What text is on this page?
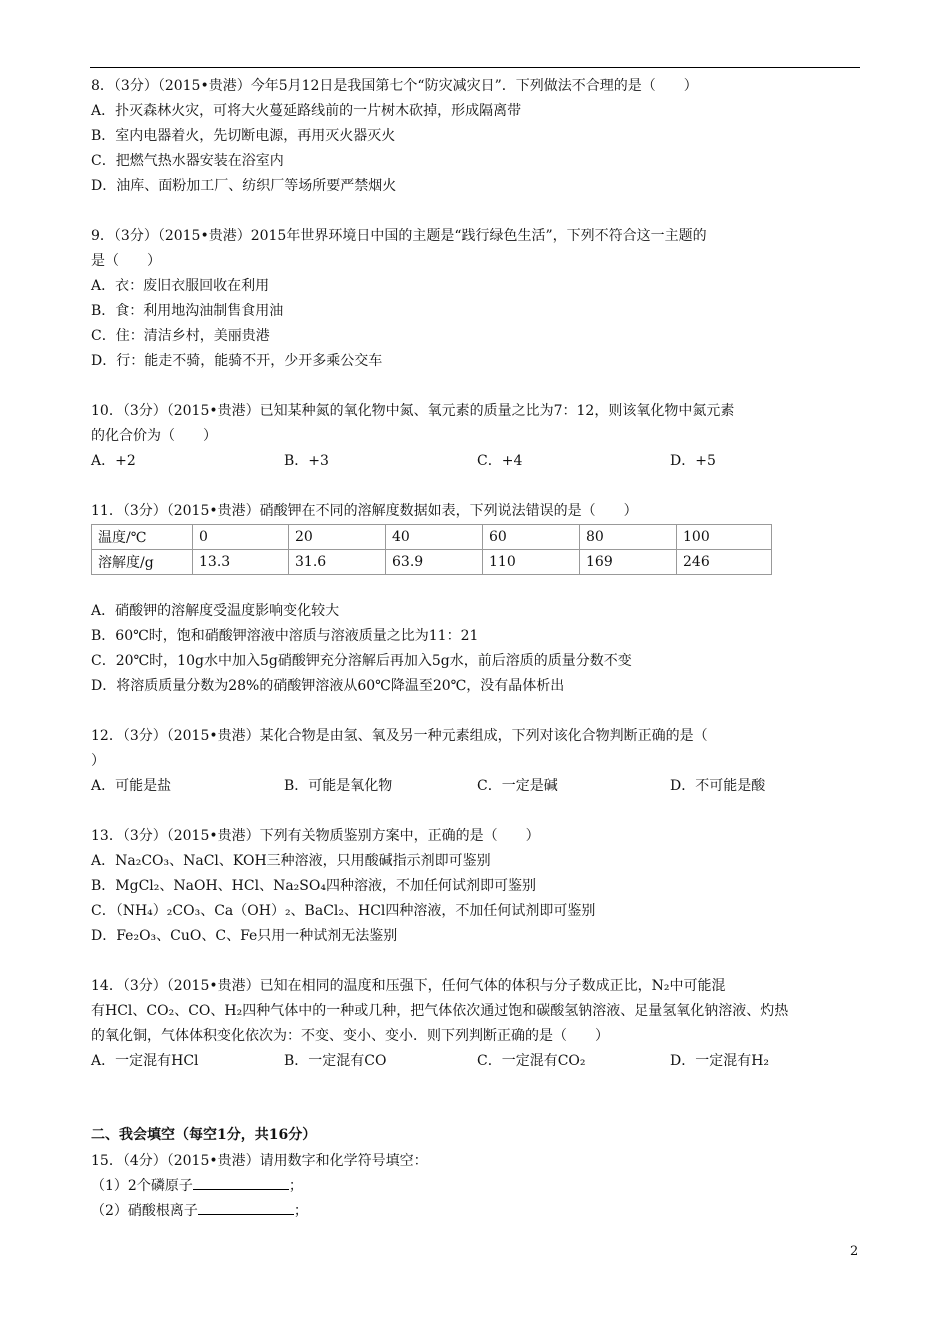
8．（3分）（2015•贵港）今年5月12日是我国第七个“防灾减灾日”．下列做法不合理的是（　　）
A．扑灭森林火灾，可将大火蔓延路线前的一片树木砍掉，形成隔离带
B．室内电器着火，先切断电源，再用灭火器灭火
C．把燃气热水器安装在浴室内
D．油库、面粉加工厂、纺织厂等场所要严禁烟火
9．（3分）（2015•贵港）2015年世界环境日中国的主题是“践行绿色生活”，下列不符合这一主题的
是（　　）
A．衣：废旧衣服回收在利用
B．食：利用地沟油制售食用油
C．住：清洁乡村，美丽贵港
D．行：能走不骑，能骑不开，少开多乘公交车
10．（3分）（2015•贵港）已知某种氮的氧化物中氮、氧元素的质量之比为7：12，则该氧化物中氮元素
的化合价为（　　）
A．+2	B．+3	C．+4	D．+5
11．（3分）（2015•贵港）硝酸钾在不同的溶解度数据如表，下列说法错误的是（　　）
温度/℃	0	20	40	60	80	100
溶解度/g	13.3	31.6	63.9	110	169	246
A．硝酸钾的溶解度受温度影响变化较大
B．60℃时，饱和硝酸钾溶液中溶质与溶液质量之比为11：21
C．20℃时，10g水中加入5g硝酸钾充分溶解后再加入5g水，前后溶质的质量分数不变
D．将溶质质量分数为28%的硝酸钾溶液从60℃降温至20℃，没有晶体析出
12．（3分）（2015•贵港）某化合物是由氢、氧及另一种元素组成，下列对该化合物判断正确的是（
）
A．可能是盐	B．可能是氧化物	C．一定是碱	D．不可能是酸
13．（3分）（2015•贵港）下列有关物质鉴别方案中，正确的是（　　）
A．Na₂CO₃、NaCl、KOH三种溶液，只用酸碱指示剂即可鉴别
B．MgCl₂、NaOH、HCl、Na₂SO₄四种溶液，不加任何试剂即可鉴别
C．（NH₄）₂CO₃、Ca（OH）₂、BaCl₂、HCl四种溶液，不加任何试剂即可鉴别
D．Fe₂O₃、CuO、C、Fe只用一种试剂无法鉴别
14．（3分）（2015•贵港）已知在相同的温度和压强下，任何气体的体积与分子数成正比，N₂中可能混
有HCl、CO₂、CO、H₂四种气体中的一种或几种，把气体依次通过饱和碳酸氢钠溶液、足量氢氧化钠溶液、灼热
的氧化铜，气体体积变化依次为：不变、变小、变小．则下列判断正确的是（　　）
A．一定混有HCl	B．一定混有CO	C．一定混有CO₂	D．一定混有H₂
二、我会填空（每空1分，共16分）
15．（4分）（2015•贵港）请用数字和化学符号填空：
（1）2个磷原子	；
（2）硝酸根离子	；
2
